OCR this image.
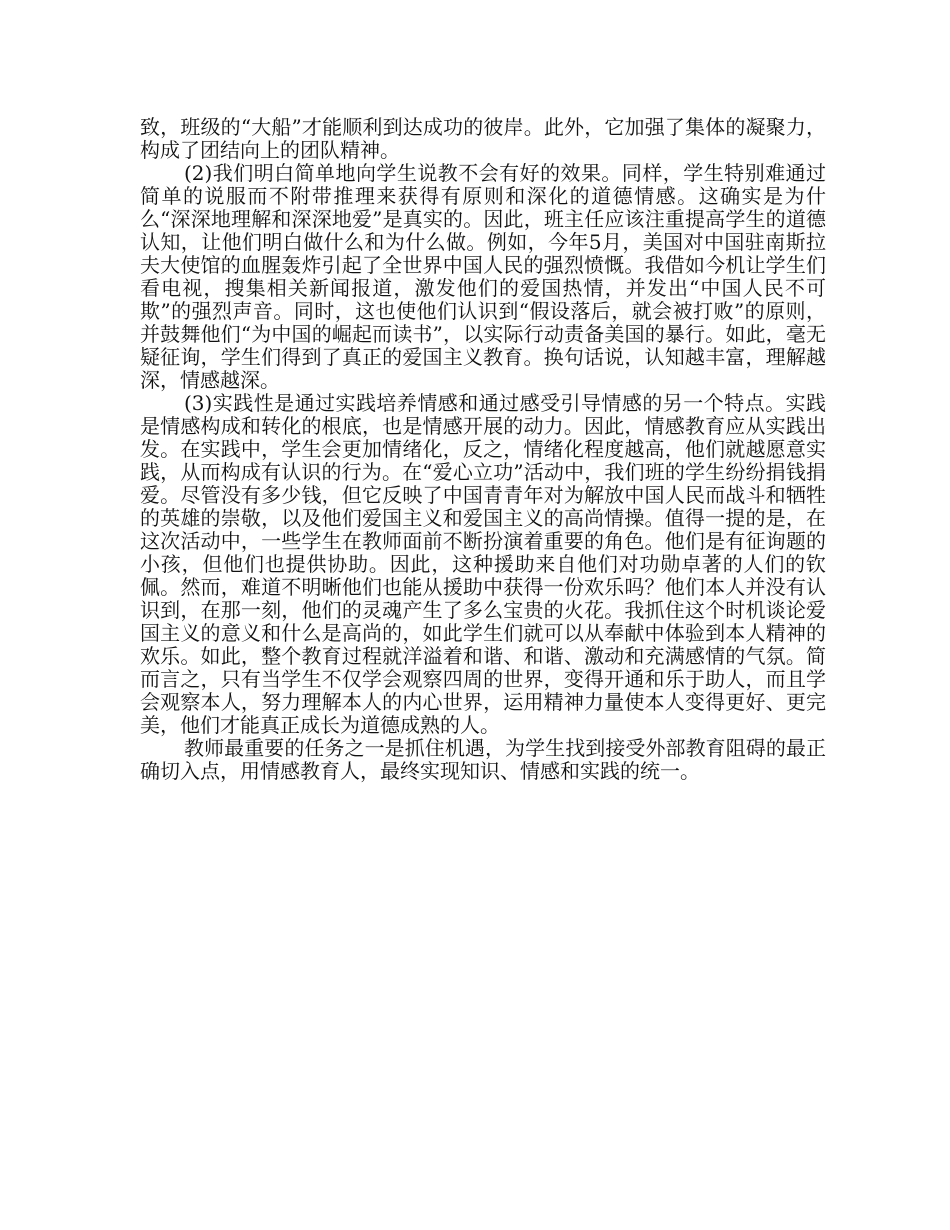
致，班级的“大船”才能顺利到达成功的彼岸。此外，它加强了集体的凝聚力，构成了团结向上的团队精神。

(2)我们明白简单地向学生说教不会有好的效果。同样，学生特别难通过简单的说服而不附带推理来获得有原则和深化的道德情感。这确实是为什么“深深地理解和深深地爱”是真实的。因此，班主任应该注重提高学生的道德认知，让他们明白做什么和为什么做。例如，今年5月，美国对中国驻南斯拉夫大使馆的血腥轰炸引起了全世界中国人民的强烈愤慨。我借如今机让学生们看电视，搜集相关新闻报道，激发他们的爱国热情，并发出“中国人民不可欺”的强烈声音。同时，这也使他们认识到“假设落后，就会被打败”的原则，并鼓舞他们“为中国的崛起而读书”，以实际行动责备美国的暴行。如此，毫无疑征询，学生们得到了真正的爱国主义教育。换句话说，认知越丰富，理解越深，情感越深。

(3)实践性是通过实践培养情感和通过感受引导情感的另一个特点。实践是情感构成和转化的根底，也是情感开展的动力。因此，情感教育应从实践出发。在实践中，学生会更加情绪化，反之，情绪化程度越高，他们就越愿意实践，从而构成有认识的行为。在“爱心立功”活动中，我们班的学生纷纷捐钱捐爱。尽管没有多少钱，但它反映了中国青青年对为解放中国人民而战斗和牺牲的英雄的崇敬，以及他们爱国主义和爱国主义的高尚情操。值得一提的是，在这次活动中，一些学生在教师面前不断扮演着重要的角色。他们是有征询题的小孩，但他们也提供协助。因此，这种援助来自他们对功勋卓著的人们的钦佩。然而，难道不明晰他们也能从援助中获得一份欢乐吗？他们本人并没有认识到，在那一刻，他们的灵魂产生了多么宝贵的火花。我抓住这个时机谈论爱国主义的意义和什么是高尚的，如此学生们就可以从奉献中体验到本人精神的欢乐。如此，整个教育过程就洋溢着和谐、和谐、激动和充满感情的气氛。简而言之，只有当学生不仅学会观察四周的世界，变得开通和乐于助人，而且学会观察本人，努力理解本人的内心世界，运用精神力量使本人变得更好、更完美，他们才能真正成长为道德成熟的人。

教师最重要的任务之一是抓住机遇，为学生找到接受外部教育阻碍的最正确切入点，用情感教育人，最终实现知识、情感和实践的统一。
